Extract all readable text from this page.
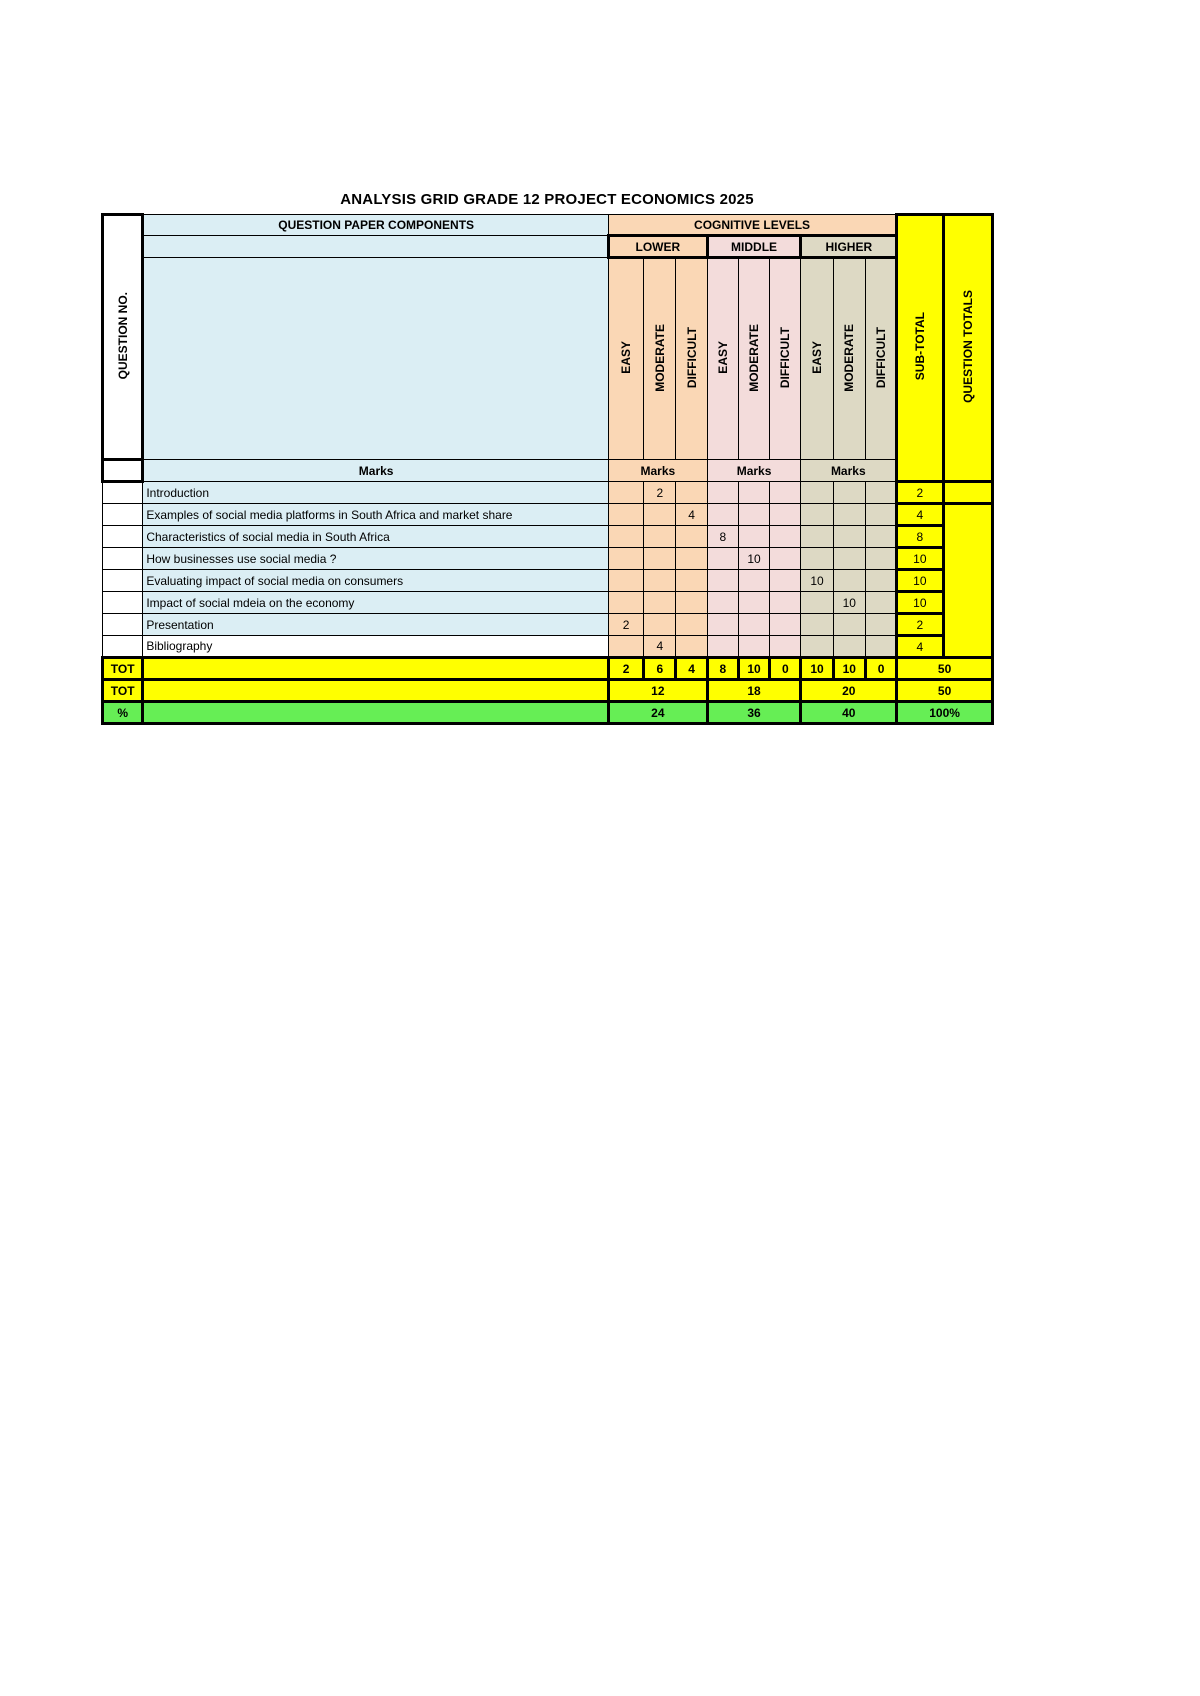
ANALYSIS GRID GRADE 12 PROJECT ECONOMICS 2025
QUESTION NO.	QUESTION PAPER COMPONENTS	COGNITIVE LEVELS									SUB-TOTAL	QUESTION TOTALS
		LOWER			MIDDLE			HIGHER				
		EASY	MODERATE	DIFFICULT	EASY	MODERATE	DIFFICULT	EASY	MODERATE	DIFFICULT		
	Marks	Marks			Marks			Marks				
	Introduction		2								2	
	Examples of social media platforms in South Africa and market share			4							4	
	Characteristics of social media in South Africa				8						8	
	How businesses use social media ?					10					10	
	Evaluating impact of social media on consumers							10			10	
	Impact of social mdeia on the economy								10		10	
	Presentation	2									2	
	Bibliography		4								4	
TOT		2	6	4	8	10	0	10	10	0	50	
TOT		12			18			20			50	
%		24			36			40			100%	
